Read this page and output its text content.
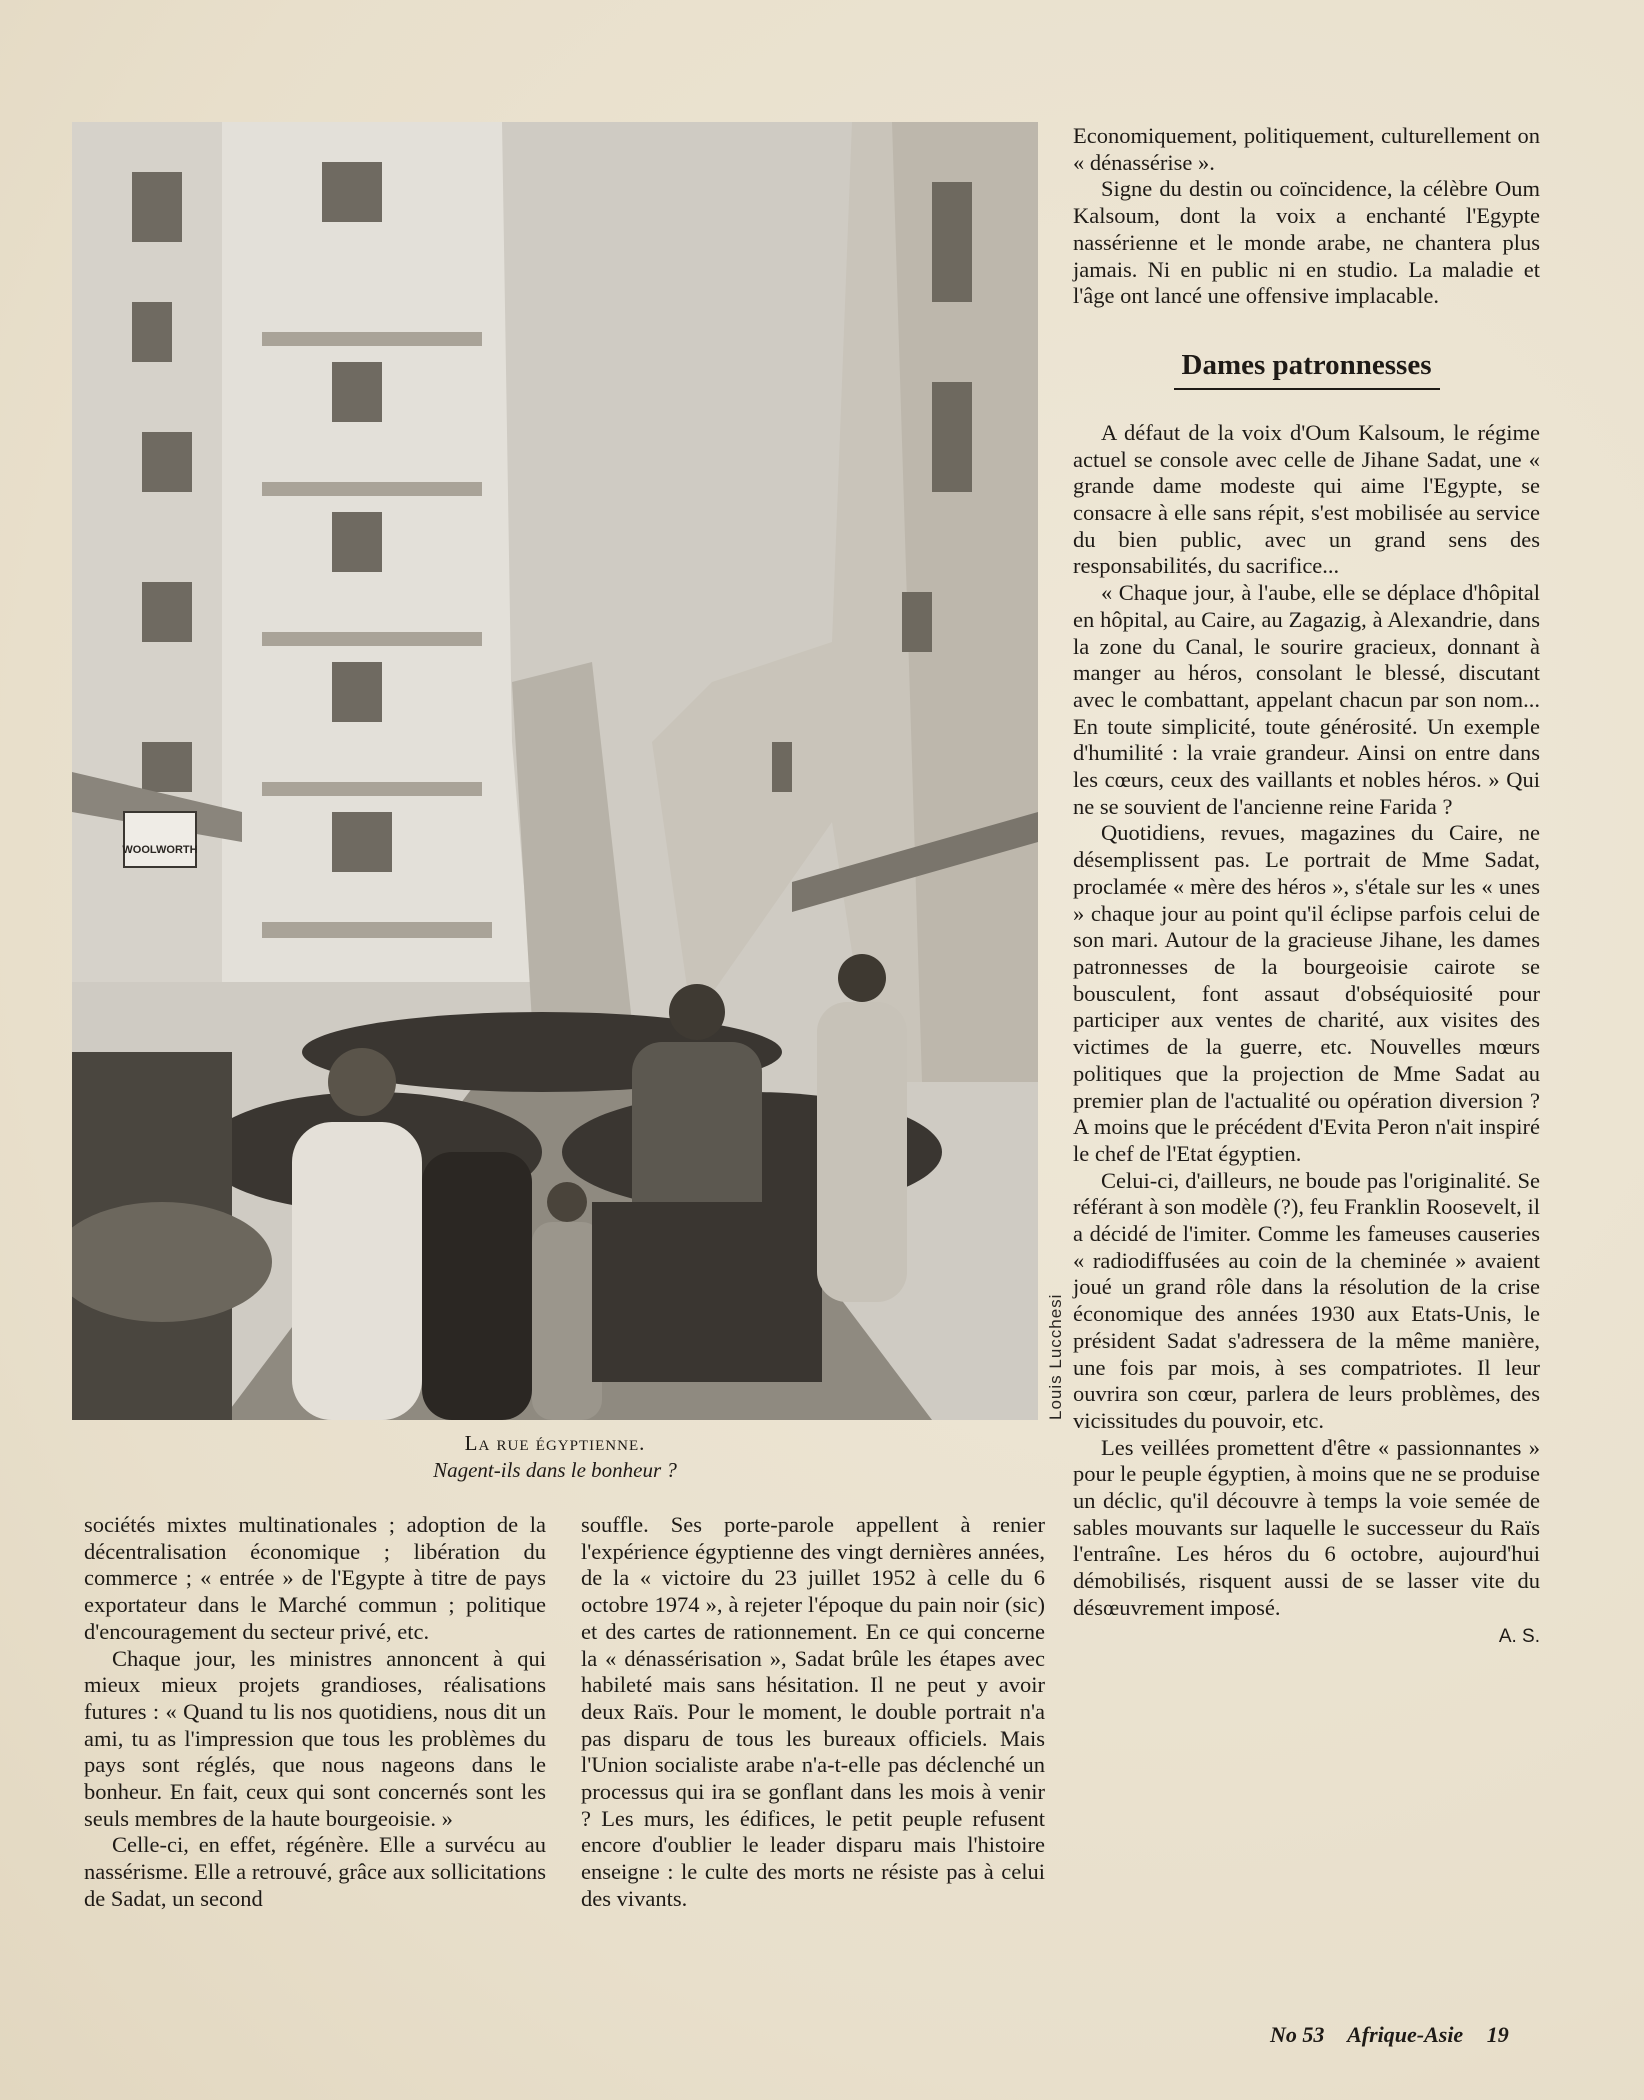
WOOLWORTH
Louis Lucchesi
La rue égyptienne.
Nagent-ils dans le bonheur ?

sociétés mixtes multinationales ; adoption de la décentralisation économique ; libération du commerce ; « entrée » de l'Egypte à titre de pays exportateur dans le Marché commun ; politique d'encouragement du secteur privé, etc.

Chaque jour, les ministres annoncent à qui mieux mieux projets grandioses, réalisations futures : « Quand tu lis nos quotidiens, nous dit un ami, tu as l'impression que tous les problèmes du pays sont réglés, que nous nageons dans le bonheur. En fait, ceux qui sont concernés sont les seuls membres de la haute bourgeoisie. »

Celle-ci, en effet, régénère. Elle a survécu au nassérisme. Elle a retrouvé, grâce aux sollicitations de Sadat, un second

souffle. Ses porte-parole appellent à renier l'expérience égyptienne des vingt dernières années, de la « victoire du 23 juillet 1952 à celle du 6 octobre 1974 », à rejeter l'époque du pain noir (sic) et des cartes de rationnement. En ce qui concerne la « dénassérisation », Sadat brûle les étapes avec habileté mais sans hésitation. Il ne peut y avoir deux Raïs. Pour le moment, le double portrait n'a pas disparu de tous les bureaux officiels. Mais l'Union socialiste arabe n'a-t-elle pas déclenché un processus qui ira se gonflant dans les mois à venir ? Les murs, les édifices, le petit peuple refusent encore d'oublier le leader disparu mais l'histoire enseigne : le culte des morts ne résiste pas à celui des vivants.

Economiquement, politiquement, culturellement on « dénassérise ».

Signe du destin ou coïncidence, la célèbre Oum Kalsoum, dont la voix a enchanté l'Egypte nassérienne et le monde arabe, ne chantera plus jamais. Ni en public ni en studio. La maladie et l'âge ont lancé une offensive implacable.

Dames patronnesses

A défaut de la voix d'Oum Kalsoum, le régime actuel se console avec celle de Jihane Sadat, une « grande dame modeste qui aime l'Egypte, se consacre à elle sans répit, s'est mobilisée au service du bien public, avec un grand sens des responsabilités, du sacrifice...

« Chaque jour, à l'aube, elle se déplace d'hôpital en hôpital, au Caire, au Zagazig, à Alexandrie, dans la zone du Canal, le sourire gracieux, donnant à manger au héros, consolant le blessé, discutant avec le combattant, appelant chacun par son nom... En toute simplicité, toute générosité. Un exemple d'humilité : la vraie grandeur. Ainsi on entre dans les cœurs, ceux des vaillants et nobles héros. » Qui ne se souvient de l'ancienne reine Farida ?

Quotidiens, revues, magazines du Caire, ne désemplissent pas. Le portrait de Mme Sadat, proclamée « mère des héros », s'étale sur les « unes » chaque jour au point qu'il éclipse parfois celui de son mari. Autour de la gracieuse Jihane, les dames patronnesses de la bourgeoisie cairote se bousculent, font assaut d'obséquiosité pour participer aux ventes de charité, aux visites des victimes de la guerre, etc. Nouvelles mœurs politiques que la projection de Mme Sadat au premier plan de l'actualité ou opération diversion ? A moins que le précédent d'Evita Peron n'ait inspiré le chef de l'Etat égyptien.

Celui-ci, d'ailleurs, ne boude pas l'originalité. Se référant à son modèle (?), feu Franklin Roosevelt, il a décidé de l'imiter. Comme les fameuses causeries « radiodiffusées au coin de la cheminée » avaient joué un grand rôle dans la résolution de la crise économique des années 1930 aux Etats-Unis, le président Sadat s'adressera de la même manière, une fois par mois, à ses compatriotes. Il leur ouvrira son cœur, parlera de leurs problèmes, des vicissitudes du pouvoir, etc.

Les veillées promettent d'être « passionnantes » pour le peuple égyptien, à moins que ne se produise un déclic, qu'il découvre à temps la voie semée de sables mouvants sur laquelle le successeur du Raïs l'entraîne. Les héros du 6 octobre, aujourd'hui démobilisés, risquent aussi de se lasser vite du désœuvrement imposé.

A. S.
No 53 Afrique-Asie 19
